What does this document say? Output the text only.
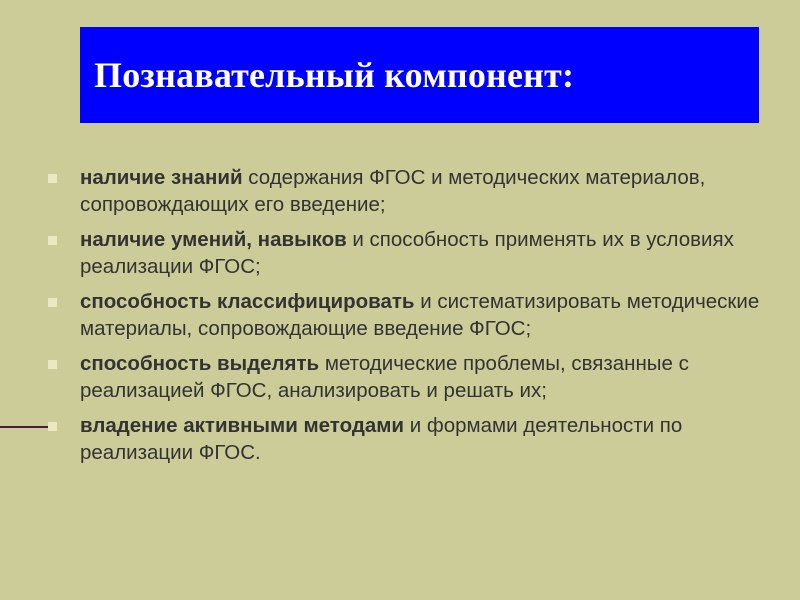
Познавательный компонент:
наличие знаний содержания ФГОС и методических материалов, сопровождающих его введение;
наличие умений, навыков и способность применять их в условиях реализации ФГОС;
способность классифицировать и систематизировать методические материалы, сопровождающие введение ФГОС;
способность выделять методические проблемы, связанные с реализацией ФГОС, анализировать и решать их;
владение активными методами и формами деятельности по реализации ФГОС.
